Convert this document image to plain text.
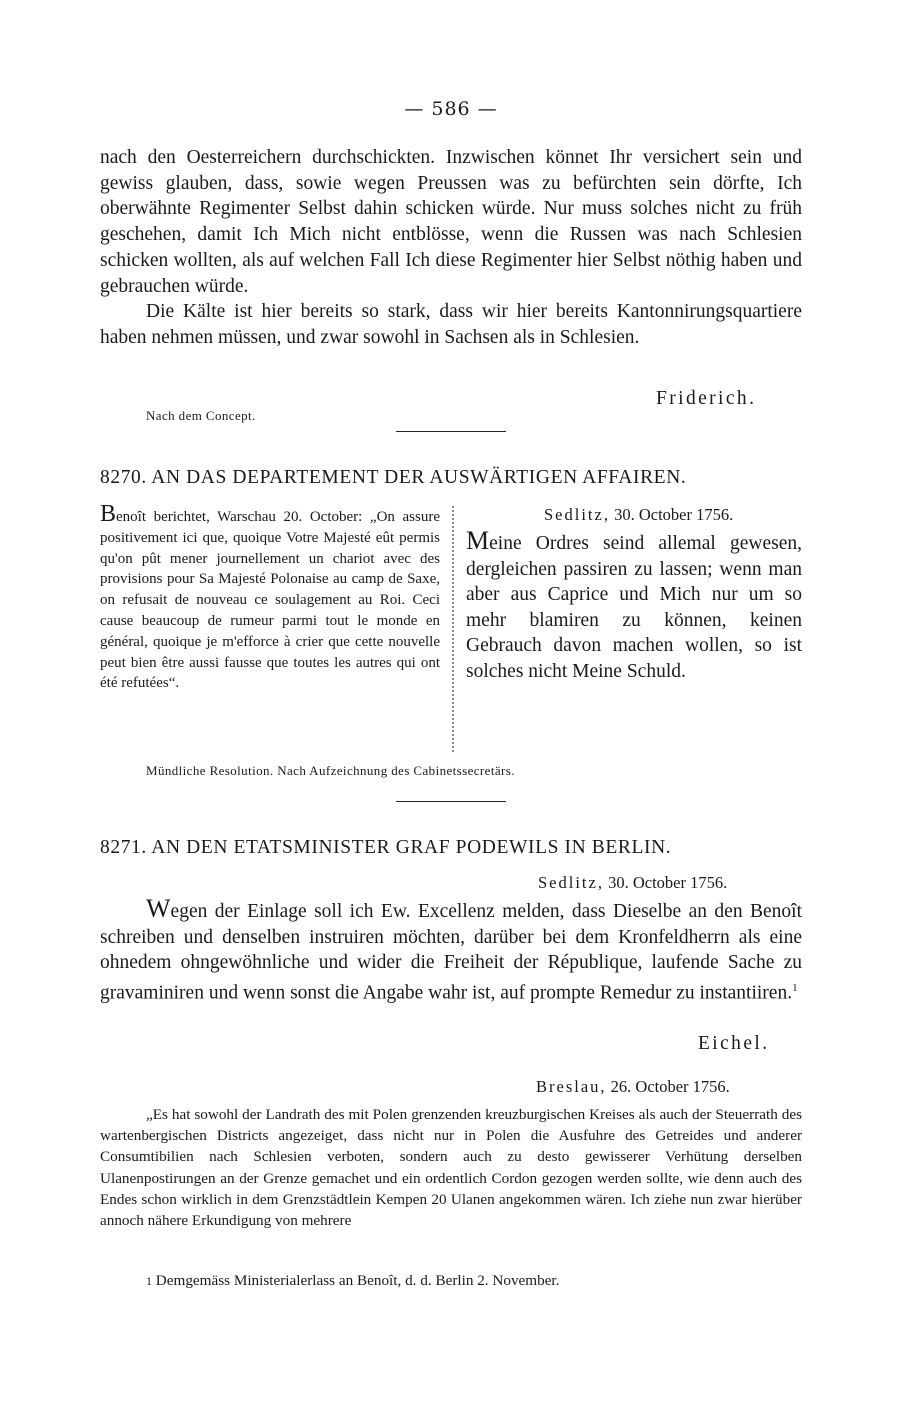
— 586 —

nach den Oesterreichern durchschickten. Inzwischen könnet Ihr versichert sein und gewiss glauben, dass, sowie wegen Preussen was zu befürchten sein dörfte, Ich oberwähnte Regimenter Selbst dahin schicken würde. Nur muss solches nicht zu früh geschehen, damit Ich Mich nicht entblösse, wenn die Russen was nach Schlesien schicken wollten, als auf welchen Fall Ich diese Regimenter hier Selbst nöthig haben und gebrauchen würde.

Die Kälte ist hier bereits so stark, dass wir hier bereits Kantonnirungsquartiere haben nehmen müssen, und zwar sowohl in Sachsen als in Schlesien.

Friderich.
Nach dem Concept.
8270. AN DAS DEPARTEMENT DER AUSWÄRTIGEN AFFAIREN.
Benoît berichtet, Warschau 20. October: „On assure positivement ici que, quoique Votre Majesté eût permis qu'on pût mener journellement un chariot avec des provisions pour Sa Majesté Polonaise au camp de Saxe, on refusait de nouveau ce soulagement au Roi. Ceci cause beaucoup de rumeur parmi tout le monde en général, quoique je m'efforce à crier que cette nouvelle peut bien être aussi fausse que toutes les autres qui ont été refutées“.
Sedlitz, 30. October 1756.
Meine Ordres seind allemal gewesen, dergleichen passiren zu lassen; wenn man aber aus Caprice und Mich nur um so mehr blamiren zu können, keinen Gebrauch davon machen wollen, so ist solches nicht Meine Schuld.
Mündliche Resolution. Nach Aufzeichnung des Cabinetssecretärs.
8271. AN DEN ETATSMINISTER GRAF PODEWILS IN BERLIN.
Sedlitz, 30. October 1756.
Wegen der Einlage soll ich Ew. Excellenz melden, dass Dieselbe an den Benoît schreiben und denselben instruiren möchten, darüber bei dem Kronfeldherrn als eine ohnedem ohngewöhnliche und wider die Freiheit der République, laufende Sache zu gravaminiren und wenn sonst die Angabe wahr ist, auf prompte Remedur zu instantiiren.$^1$
Eichel.
Breslau, 26. October 1756.

„Es hat sowohl der Landrath des mit Polen grenzenden kreuzburgischen Kreises als auch der Steuerrath des wartenbergischen Districts angezeiget, dass nicht nur in Polen die Ausfuhre des Getreides und anderer Consumtibilien nach Schlesien verboten, sondern auch zu desto gewisserer Verhütung derselben Ulanenpostirungen an der Grenze gemachet und ein ordentlich Cordon gezogen werden sollte, wie denn auch des Endes schon wirklich in dem Grenzstädtlein Kempen 20 Ulanen angekommen wären. Ich ziehe nun zwar hierüber annoch nähere Erkundigung von mehrere

1 Demgemäss Ministerialerlass an Benoît, d. d. Berlin 2. November.
